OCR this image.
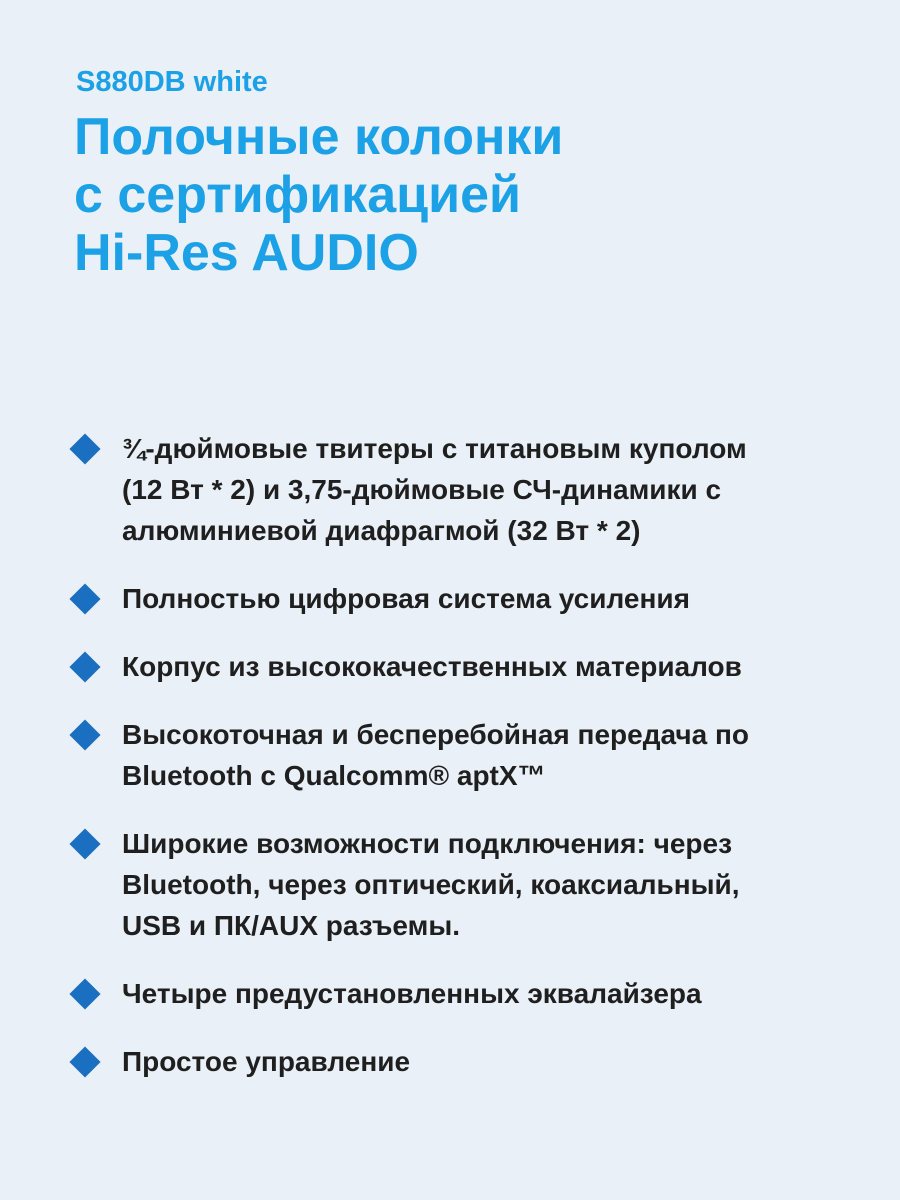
S880DB white
Полочные колонки
с сертификацией
Hi-Res AUDIO
¾-дюймовые твитеры с титановым куполом
(12 Вт * 2) и 3,75-дюймовые СЧ-динамики с
алюминиевой диафрагмой (32 Вт * 2)
Полностью цифровая система усиления
Корпус из высококачественных материалов
Высокоточная и бесперебойная передача по
Bluetooth с Qualcomm® aptX™
Широкие возможности подключения: через
Bluetooth, через оптический, коаксиальный,
USB и ПК/AUX разъемы.
Четыре предустановленных эквалайзера
Простое управление
